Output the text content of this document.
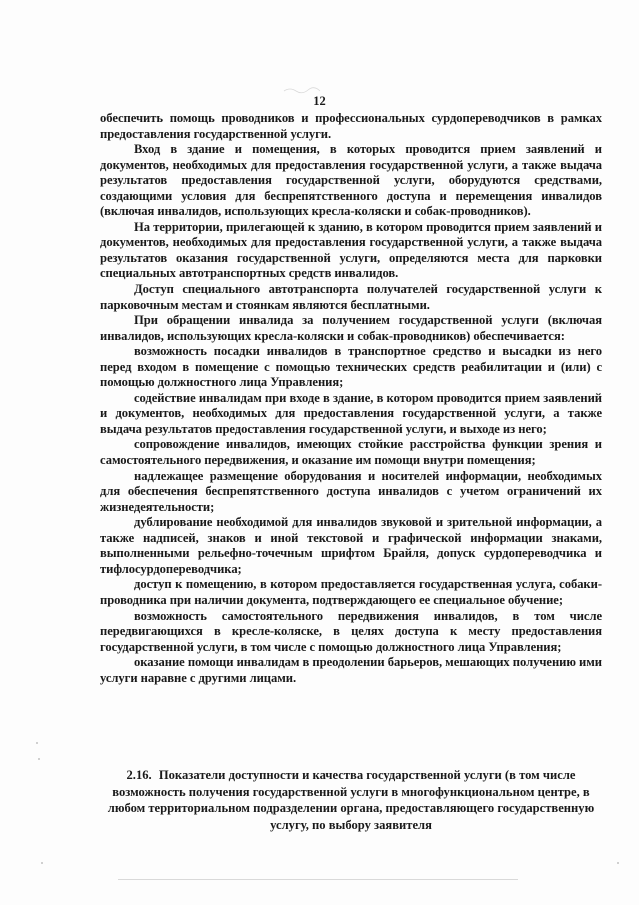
12

обеспечить помощь проводников и профессиональных сурдопереводчиков в рамках предоставления государственной услуги.

Вход в здание и помещения, в которых проводится прием заявлений и документов, необходимых для предоставления государственной услуги, а также выдача результатов предоставления государственной услуги, оборудуются средствами, создающими условия для беспрепятственного доступа и перемещения инвалидов (включая инвалидов, использующих кресла-коляски и собак-проводников).

На территории, прилегающей к зданию, в котором проводится прием заявлений и документов, необходимых для предоставления государственной услуги, а также выдача результатов оказания государственной услуги, определяются места для парковки специальных автотранспортных средств инвалидов.

Доступ специального автотранспорта получателей государственной услуги к парковочным местам и стоянкам являются бесплатными.

При обращении инвалида за получением государственной услуги (включая инвалидов, использующих кресла-коляски и собак-проводников) обеспечивается:

возможность посадки инвалидов в транспортное средство и высадки из него перед входом в помещение с помощью технических средств реабилитации и (или) с помощью должностного лица Управления;

содействие инвалидам при входе в здание, в котором проводится прием заявлений и документов, необходимых для предоставления государственной услуги, а также выдача результатов предоставления государственной услуги, и выходе из него;

сопровождение инвалидов, имеющих стойкие расстройства функции зрения и самостоятельного передвижения, и оказание им помощи внутри помещения;

надлежащее размещение оборудования и носителей информации, необходимых для обеспечения беспрепятственного доступа инвалидов с учетом ограничений их жизнедеятельности;

дублирование необходимой для инвалидов звуковой и зрительной информации, а также надписей, знаков и иной текстовой и графической информации знаками, выполненными рельефно-точечным шрифтом Брайля, допуск сурдопереводчика и тифлосурдопереводчика;

доступ к помещению, в котором предоставляется государственная услуга, собаки-проводника при наличии документа, подтверждающего ее специальное обучение;

возможность самостоятельного передвижения инвалидов, в том числе передвигающихся в кресле-коляске, в целях доступа к месту предоставления государственной услуги, в том числе с помощью должностного лица Управления;

оказание помощи инвалидам в преодолении барьеров, мешающих получению ими услуги наравне с другими лицами.

2.16. Показатели доступности и качества государственной услуги (в том числе возможность получения государственной услуги в многофункциональном центре, в любом территориальном подразделении органа, предоставляющего государственную услугу, по выбору заявителя
